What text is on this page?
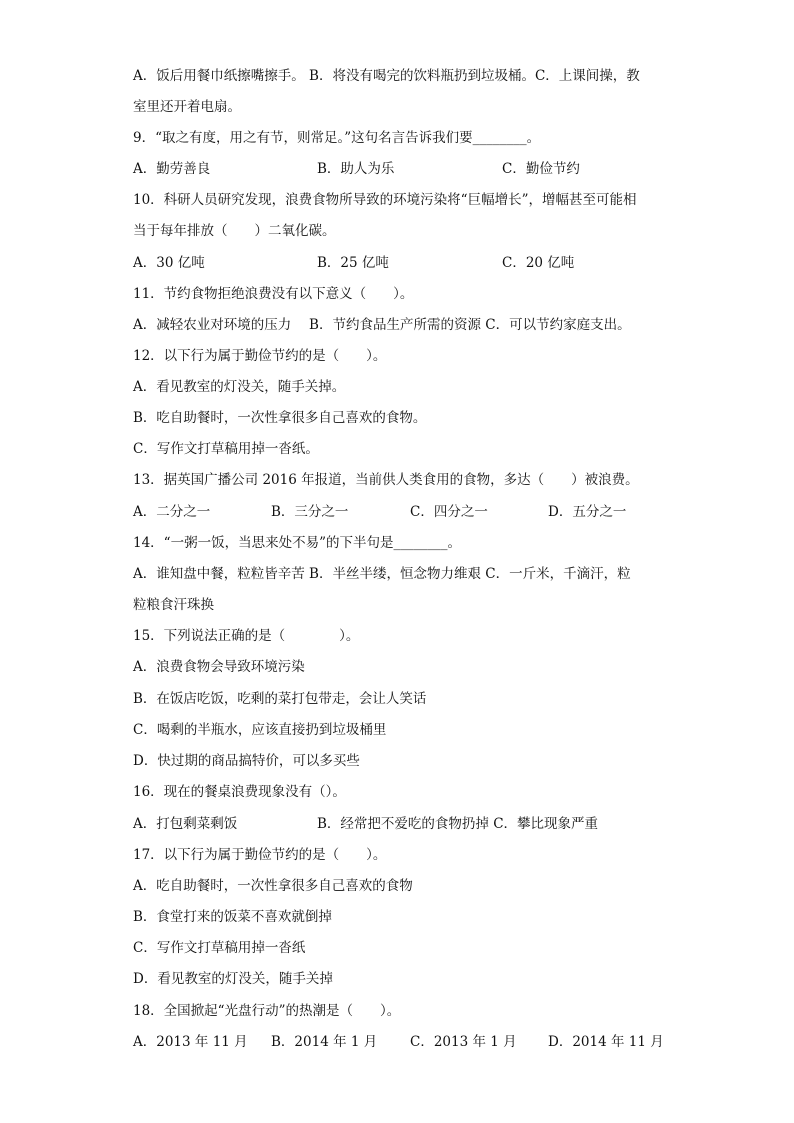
A．饭后用餐巾纸擦嘴擦手。 B．将没有喝完的饮料瓶扔到垃圾桶。C．上课间操，教
室里还开着电扇。
9．“取之有度，用之有节，则常足。”这句名言告诉我们要________。
A．勤劳善良	B．助人为乐	C．勤俭节约
10．科研人员研究发现，浪费食物所导致的环境污染将“巨幅增长”，增幅甚至可能相
当于每年排放（　　）二氧化碳。
A．30 亿吨	B．25 亿吨	C．20 亿吨
11．节约食物拒绝浪费没有以下意义（　　）。
A．减轻农业对环境的压力　 B．节约食品生产所需的资源 C．可以节约家庭支出。
12．以下行为属于勤俭节约的是（　　）。
A．看见教室的灯没关，随手关掉。
B．吃自助餐时，一次性拿很多自己喜欢的食物。
C．写作文打草稿用掉一沓纸。
13．据英国广播公司 2016 年报道，当前供人类食用的食物，多达（　　）被浪费。
A．二分之一	B．三分之一	C．四分之一	D．五分之一
14．“一粥一饭，当思来处不易”的下半句是________。
A．谁知盘中餐，粒粒皆辛苦 B．半丝半缕，恒念物力维艰 C．一斤米，千滴汗，粒
粒粮食汗珠换
15．下列说法正确的是（　　　　）。
A．浪费食物会导致环境污染
B．在饭店吃饭，吃剩的菜打包带走，会让人笑话
C．喝剩的半瓶水，应该直接扔到垃圾桶里
D．快过期的商品搞特价，可以多买些
16．现在的餐桌浪费现象没有（）。
A．打包剩菜剩饭	B．经常把不爱吃的食物扔掉 C．攀比现象严重
17．以下行为属于勤俭节约的是（　　）。
A．吃自助餐时，一次性拿很多自己喜欢的食物
B．食堂打来的饭菜不喜欢就倒掉
C．写作文打草稿用掉一沓纸
D．看见教室的灯没关，随手关掉
18．全国掀起“光盘行动”的热潮是（　　）。
A．2013 年 11 月 B．2014 年 1 月 C．2013 年 1 月 D．2014 年 11 月
